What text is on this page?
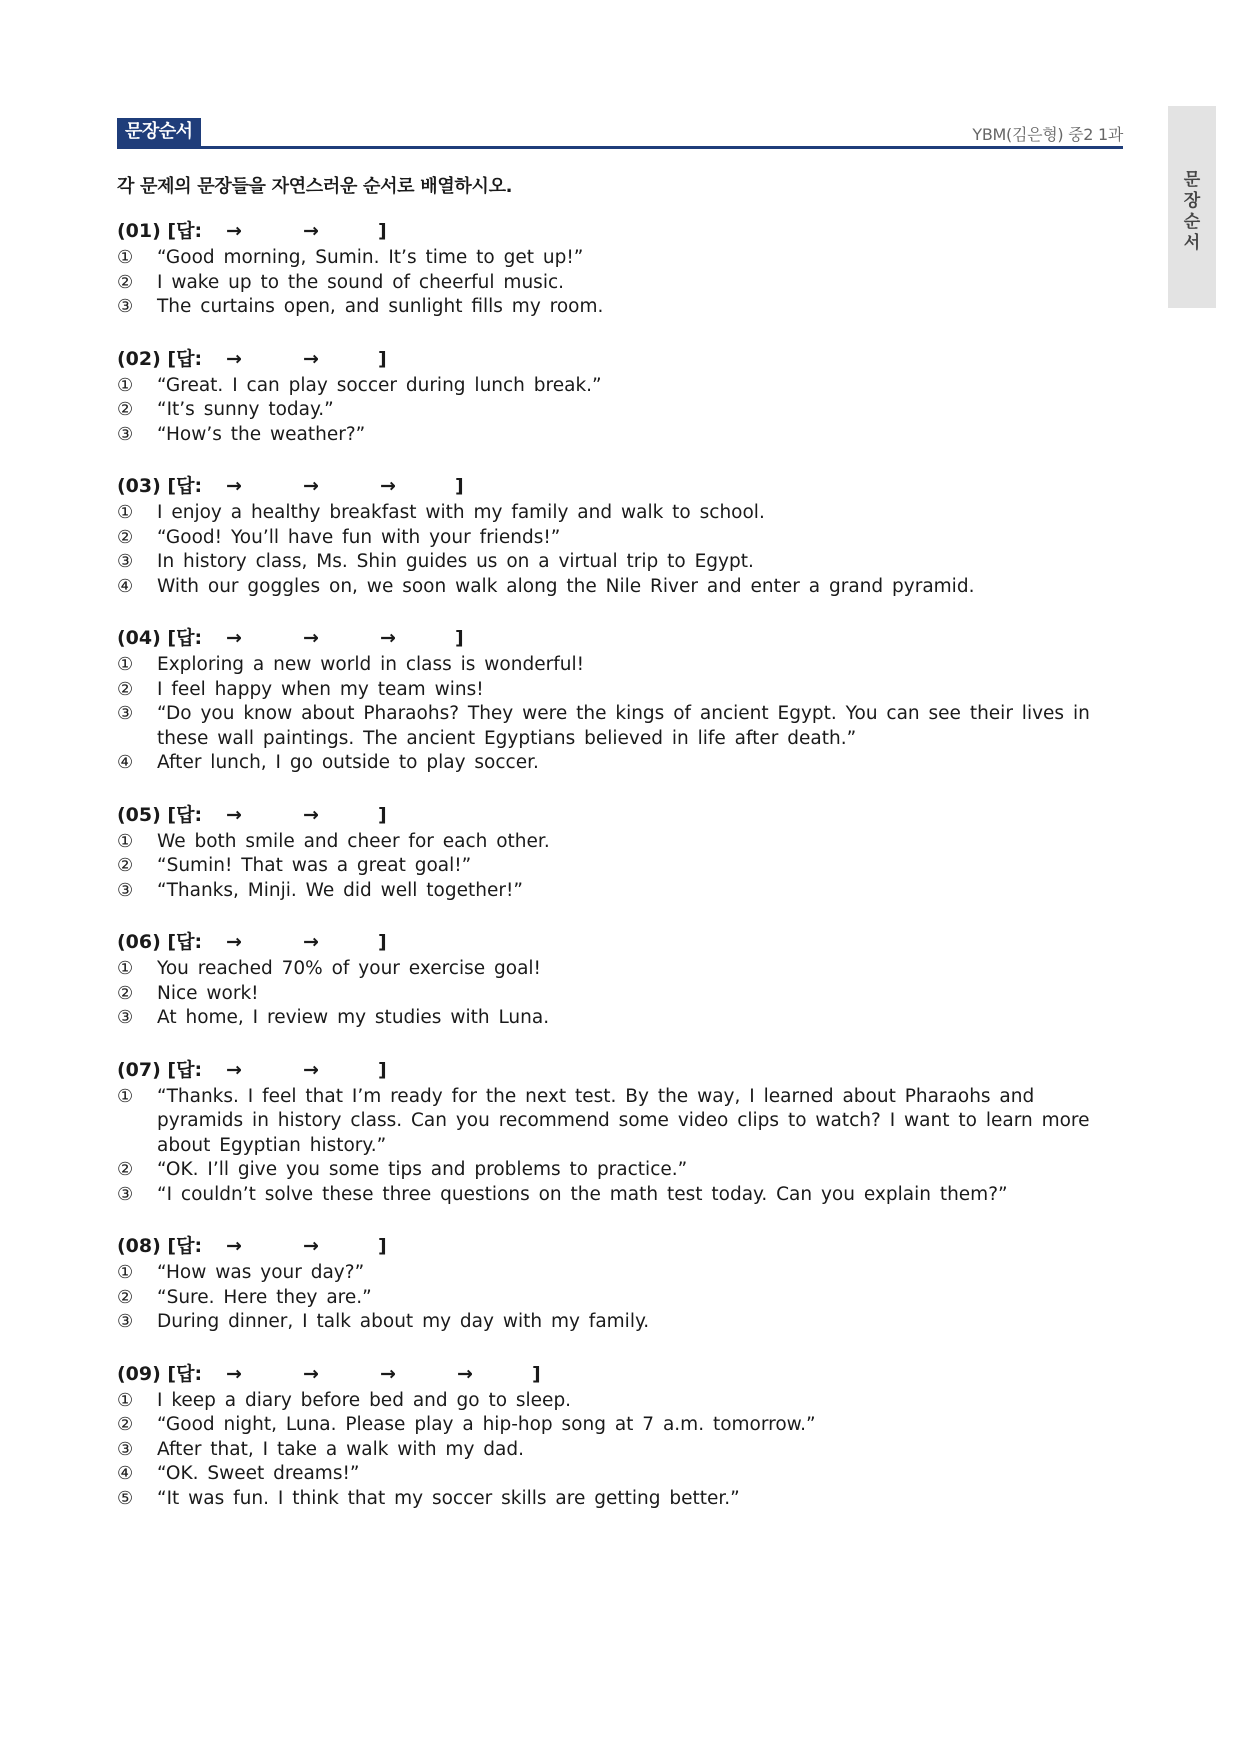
문장순서	YBM(김은형) 중2 1과
문
장
순
서
각 문제의 문장들을 자연스러운 순서로 배열하시오.
(01) [답: →	→	]
① “Good morning, Sumin. It’s time to get up!”
② I wake up to the sound of cheerful music.
③ The curtains open, and sunlight fills my room.
(02) [답: →	→	]
① “Great. I can play soccer during lunch break.”
② “It’s sunny today.”
③ “How’s the weather?”
(03) [답: →	→	→	]
① I enjoy a healthy breakfast with my family and walk to school.
② “Good! You’ll have fun with your friends!”
③ In history class, Ms. Shin guides us on a virtual trip to Egypt.
④ With our goggles on, we soon walk along the Nile River and enter a grand pyramid.
(04) [답: →	→	→	]
① Exploring a new world in class is wonderful!
② I feel happy when my team wins!
③ “Do you know about Pharaohs? They were the kings of ancient Egypt. You can see their lives in these wall paintings. The ancient Egyptians believed in life after death.”
④ After lunch, I go outside to play soccer.
(05) [답: →	→	]
① We both smile and cheer for each other.
② “Sumin! That was a great goal!”
③ “Thanks, Minji. We did well together!”
(06) [답: →	→	]
① You reached 70% of your exercise goal!
② Nice work!
③ At home, I review my studies with Luna.
(07) [답: →	→	]
① “Thanks. I feel that I’m ready for the next test. By the way, I learned about Pharaohs and pyramids in history class. Can you recommend some video clips to watch? I want to learn more about Egyptian history.”
② “OK. I’ll give you some tips and problems to practice.”
③ “I couldn’t solve these three questions on the math test today. Can you explain them?”
(08) [답: →	→	]
① “How was your day?”
② “Sure. Here they are.”
③ During dinner, I talk about my day with my family.
(09) [답: →	→	→	→	]
① I keep a diary before bed and go to sleep.
② “Good night, Luna. Please play a hip-hop song at 7 a.m. tomorrow.”
③ After that, I take a walk with my dad.
④ “OK. Sweet dreams!”
⑤ “It was fun. I think that my soccer skills are getting better.”
